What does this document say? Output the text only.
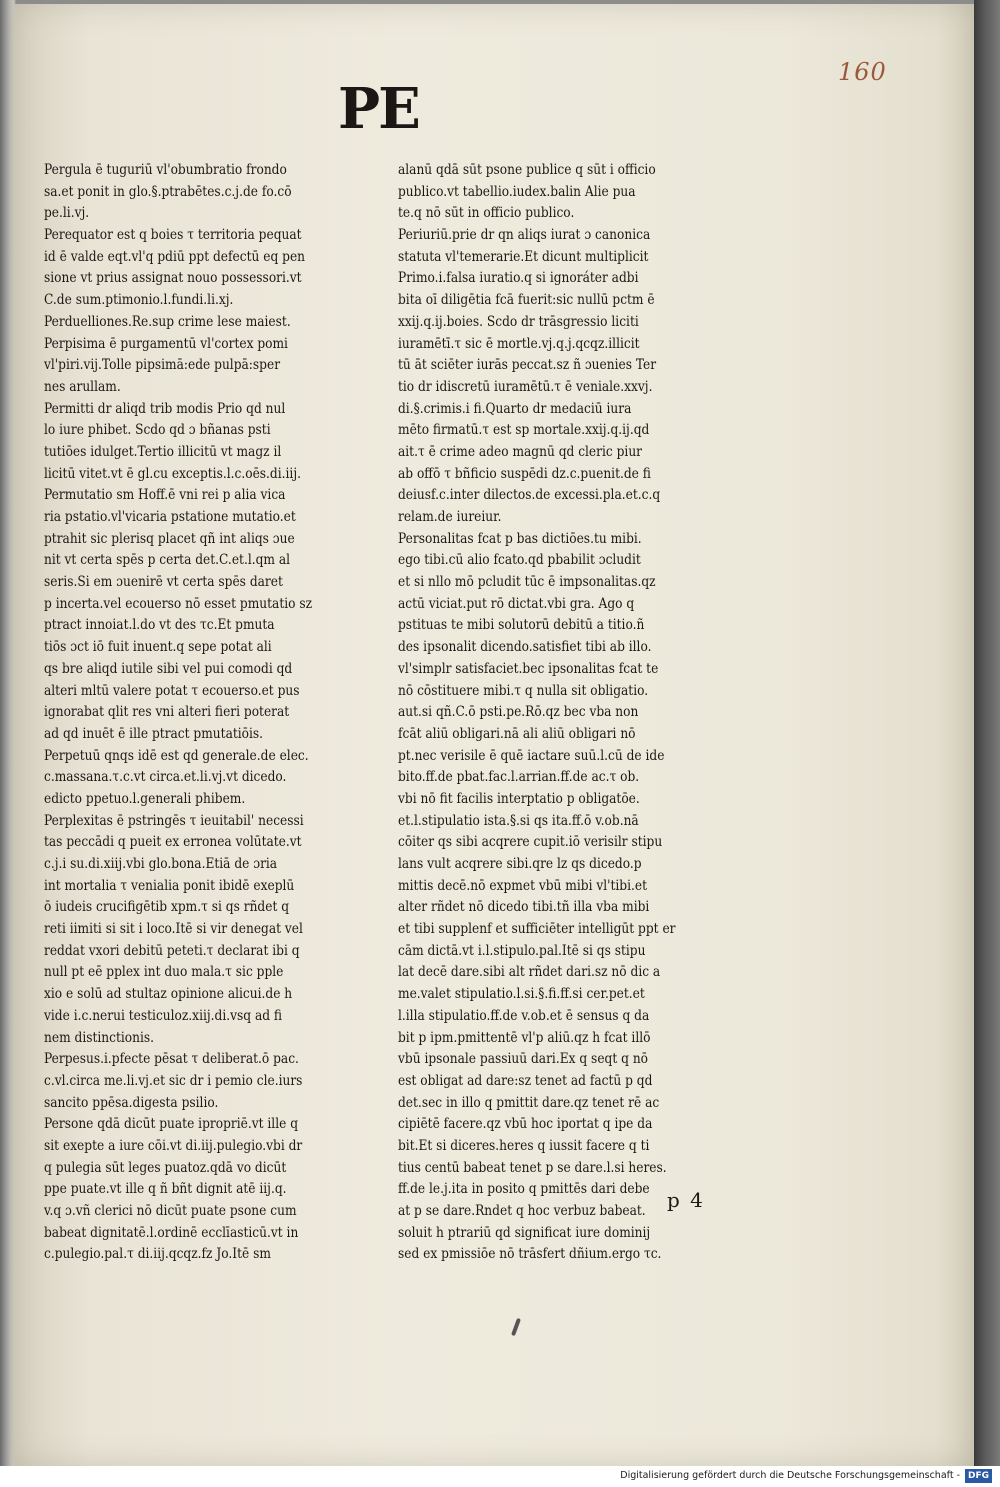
160
PE
Pergula ē tuguriū vl'obumbratio frondo
sa.et ponit in glo.§.ptrabētes.c.j.de fo.cō
pe.li.vj.
Perequator est q boies τ territoria pequat
id ē valde eqt.vl'q pdiū ppt defectū eq pen
sione vt prius assignat nouo possessori.vt
C.de sum.ptimonio.l.fundi.li.xj.
Perduelliones.Re.sup crime lese maiest.
Perpisima ē purgamentū vl'cortex pomi
vl'piri.vij.Tolle pipsimā:ede pulpā:sper
nes arullam.
Permitti dr aliqd trib modis Prio qd nul
lo iure phibet. Scdo qd ɔ bñanas psti
tutiōes idulget.Tertio illicitū vt magz il
licitū vitet.vt ē gl.cu exceptis.l.c.oēs.di.iij.
Permutatio sm Hoff.ē vni rei p alia vica
ria pstatio.vl'vicaria pstatione mutatio.et
ptrahit sic plerisq placet qñ int aliqs ɔue
nit vt certa spēs p certa det.C.et.l.qm al
seris.Si em ɔuenirē vt certa spēs daret
p incerta.vel ecouerso nō esset pmutatio sz
ptract innoiat.l.do vt des τc.Et pmuta
tiōs ɔct iō fuit inuent.q sepe potat ali
qs bre aliqd iutile sibi vel pui comodi qd
alteri mltū valere potat τ ecouerso.et pus
ignorabat qlit res vni alteri fieri poterat
ad qd inuēt ē ille ptract pmutatiōis.
Perpetuū qnqs idē est qd generale.de elec.
c.massana.τ.c.vt circa.et.li.vj.vt dicedo.
edicto ppetuo.l.generali phibem.
Perplexitas ē pstringēs τ ieuitabil' necessi
tas peccādi q pueit ex erronea volūtate.vt
c.j.i su.di.xiij.vbi glo.bona.Etiā de ɔria
int mortalia τ venialia ponit ibidē exeplū
ō iudeis crucifigētib xpm.τ si qs rñdet q
reti iimiti si sit i loco.Itē si vir denegat vel
reddat vxori debitū peteti.τ declarat ibi q
null pt eē pplex int duo mala.τ sic pple
xio e solū ad stultaz opinione alicui.de h
vide i.c.nerui testiculoz.xiij.di.vsq ad fi
nem distinctionis.
Perpesus.i.pfecte pēsat τ deliberat.ō pac.
c.vl.circa me.li.vj.et sic dr i pemio cle.iurs
sancito ppēsa.digesta psilio.
Persone qdā dicūt puate ipropriē.vt ille q
sit exepte a iure cōi.vt di.iij.pulegio.vbi dr
q pulegia sūt leges puatoz.qdā vo dicūt
ppe puate.vt ille q ñ bñt dignit atē iij.q.
v.q ɔ.vñ clerici nō dicūt puate psone cum
babeat dignitatē.l.ordinē ecclīasticū.vt in
c.pulegio.pal.τ di.iij.qcqz.fz Jo.Itē sm
alanū qdā sūt psone publice q sūt i officio
publico.vt tabellio.iudex.balin Alie pua
te.q nō sūt in officio publico.
Periuriū.prie dr qn aliqs iurat ɔ canonica
statuta vl'temerarie.Et dicunt multiplicit
Primo.i.falsa iuratio.q si ignoráter adbi
bita oī diligētia fcā fuerit:sic nullū pctm ē
xxij.q.ij.boies. Scdo dr trāsgressio liciti
iuramētī.τ sic ē mortle.vj.q.j.qcqz.illicit
tū āt sciēter iurās peccat.sz ñ ɔuenies Ter
tio dr idiscretū iuramētū.τ ē veniale.xxvj.
di.§.crimis.i fi.Quarto dr medaciū iura
mēto firmatū.τ est sp mortale.xxij.q.ij.qd
ait.τ ē crime adeo magnū qd cleric piur
ab offō τ bñficio suspēdi dz.c.puenit.de fi
deiusf.c.inter dilectos.de excessi.pla.et.c.q
relam.de iureiur.
Personalitas fcat p bas dictiōes.tu mibi.
ego tibi.cū alio fcato.qd pbabilit ɔcludit
et si nllo mō pcludit tūc ē impsonalitas.qz
actū viciat.put rō dictat.vbi gra. Ago q
pstituas te mibi solutorū debitū a titio.ñ
des ipsonalit dicendo.satisfiet tibi ab illo.
vl'simplr satisfaciet.bec ipsonalitas fcat te
nō cōstituere mibi.τ q nulla sit obligatio.
aut.si qñ.C.ō psti.pe.Rō.qz bec vba non
fcāt aliū obligari.nā ali aliū obligari nō
pt.nec verisile ē quē iactare suū.l.cū de ide
bito.ff.de pbat.fac.l.arrian.ff.de ac.τ ob.
vbi nō fit facilis interptatio p obligatōe.
et.l.stipulatio ista.§.si qs ita.ff.ō v.ob.nā
cōiter qs sibi acqrere cupit.iō verisilr stipu
lans vult acqrere sibi.qre lz qs dicedo.p
mittis decē.nō expmet vbū mibi vl'tibi.et
alter rñdet nō dicedo tibi.tñ illa vba mibi
et tibi supplenf et sufficiēter intelligūt ppt er
cām dictā.vt i.l.stipulo.pal.Itē si qs stipu
lat decē dare.sibi alt rñdet dari.sz nō dic a
me.valet stipulatio.l.si.§.fi.ff.si cer.pet.et
l.illa stipulatio.ff.de v.ob.et ē sensus q da
bit p ipm.pmittentē vl'p aliū.qz h fcat illō
vbū ipsonale passiuū dari.Ex q seqt q nō
est obligat ad dare:sz tenet ad factū p qd
det.sec in illo q pmittit dare.qz tenet rē ac
cipiētē facere.qz vbū hoc iportat q ipe da
bit.Et si diceres.heres q iussit facere q ti
tius centū babeat tenet p se dare.l.si heres.
ff.de le.j.ita in posito q pmittēs dari debe
at p se dare.Rndet q hoc verbuz babeat.
soluit h ptrariū qd significat iure dominij
sed ex pmissiōe nō trāsfert dñium.ergo τc.
p 4
Digitalisierung gefördert durch die Deutsche Forschungsgemeinschaft - DFG
